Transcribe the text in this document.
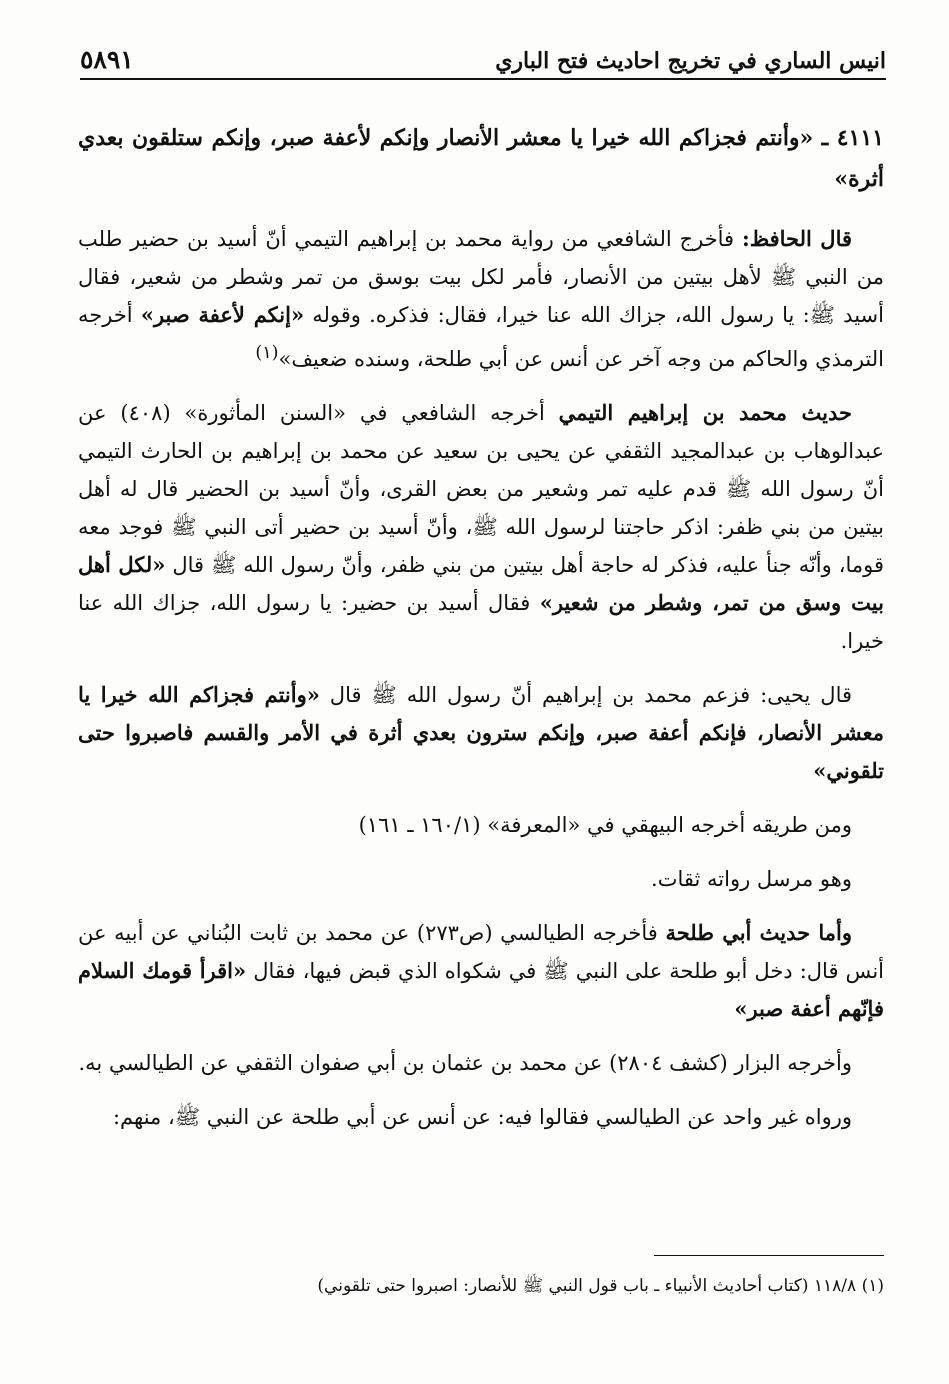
٥٨٩١	انيس الساري في تخريج احاديث فتح الباري

٤١١١ ـ «وأنتم فجزاكم الله خيرا يا معشر الأنصار وإنكم لأعفة صبر، وإنكم ستلقون بعدي أثرة»

قال الحافظ: فأخرج الشافعي من رواية محمد بن إبراهيم التيمي أنّ أسيد بن حضير طلب من النبي ﷺ لأهل بيتين من الأنصار، فأمر لكل بيت بوسق من تمر وشطر من شعير، فقال أسيد ﷺ: يا رسول الله، جزاك الله عنا خيرا، فقال: فذكره. وقوله «إنكم لأعفة صبر» أخرجه الترمذي والحاكم من وجه آخر عن أنس عن أبي طلحة، وسنده ضعيف»$^{(١)}$

حديث محمد بن إبراهيم التيمي أخرجه الشافعي في «السنن المأثورة» (٤٠٨) عن عبدالوهاب بن عبدالمجيد الثقفي عن يحيى بن سعيد عن محمد بن إبراهيم بن الحارث التيمي أنّ رسول الله ﷺ قدم عليه تمر وشعير من بعض القرى، وأنّ أسيد بن الحضير قال له أهل بيتين من بني ظفر: اذكر حاجتنا لرسول الله ﷺ، وأنّ أسيد بن حضير أتى النبي ﷺ فوجد معه قوما، وأنّه جنأ عليه، فذكر له حاجة أهل بيتين من بني ظفر، وأنّ رسول الله ﷺ قال «لكل أهل بيت وسق من تمر، وشطر من شعير» فقال أسيد بن حضير: يا رسول الله، جزاك الله عنا خيرا.

قال يحيى: فزعم محمد بن إبراهيم أنّ رسول الله ﷺ قال «وأنتم فجزاكم الله خيرا يا معشر الأنصار، فإنكم أعفة صبر، وإنكم سترون بعدي أثرة في الأمر والقسم فاصبروا حتى تلقوني»

ومن طريقه أخرجه البيهقي في «المعرفة» (١٦٠/١ ـ ١٦١)

وهو مرسل رواته ثقات.

وأما حديث أبي طلحة فأخرجه الطيالسي (ص٢٧٣) عن محمد بن ثابت البُناني عن أبيه عن أنس قال: دخل أبو طلحة على النبي ﷺ في شكواه الذي قبض فيها، فقال «اقرأ قومك السلام فإنّهم أعفة صبر»

وأخرجه البزار (كشف ٢٨٠٤) عن محمد بن عثمان بن أبي صفوان الثقفي عن الطيالسي به.

ورواه غير واحد عن الطيالسي فقالوا فيه: عن أنس عن أبي طلحة عن النبي ﷺ، منهم:

(١) ١١٨/٨ (كتاب أحاديث الأنبياء ـ باب قول النبي ﷺ للأنصار: اصبروا حتى تلقوني)
